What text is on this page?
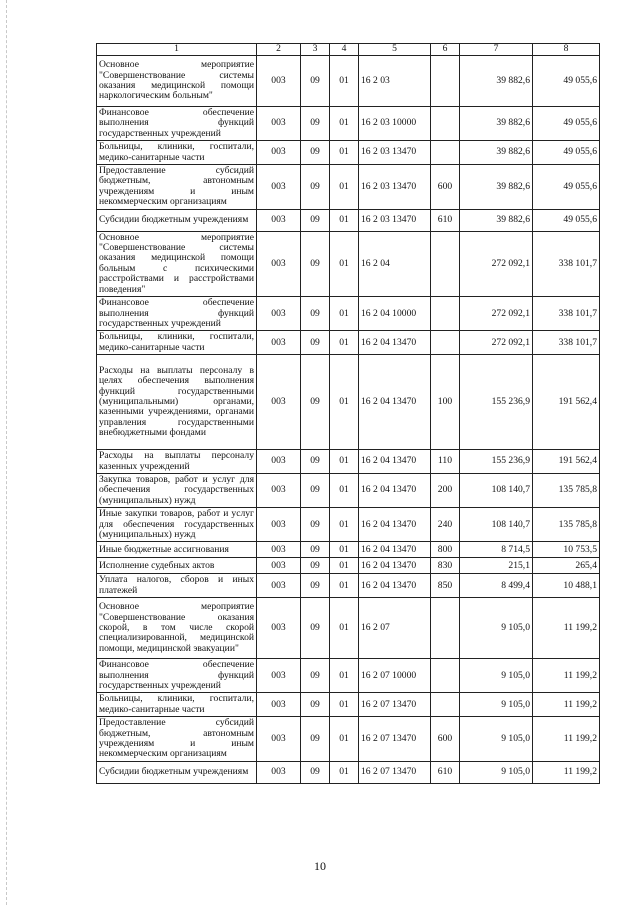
1	2	3	4	5	6	7	8
Основное мероприятие "Совершенствование системы оказания медицинской помощи наркологическим больным"	003	09	01	16 2 03		39 882,6	49 055,6
Финансовое обеспечение выполнения функций государственных учреждений	003	09	01	16 2 03 10000		39 882,6	49 055,6
Больницы, клиники, госпитали, медико-санитарные части	003	09	01	16 2 03 13470		39 882,6	49 055,6
Предоставление субсидий бюджетным, автономным учреждениям и иным некоммерческим организациям	003	09	01	16 2 03 13470	600	39 882,6	49 055,6
Субсидии бюджетным учреждениям	003	09	01	16 2 03 13470	610	39 882,6	49 055,6
Основное мероприятие "Совершенствование системы оказания медицинской помощи больным с психическими расстройствами и расстройствами поведения"	003	09	01	16 2 04		272 092,1	338 101,7
Финансовое обеспечение выполнения функций государственных учреждений	003	09	01	16 2 04 10000		272 092,1	338 101,7
Больницы, клиники, госпитали, медико-санитарные части	003	09	01	16 2 04 13470		272 092,1	338 101,7
Расходы на выплаты персоналу в целях обеспечения выполнения функций государственными (муниципальными) органами, казенными учреждениями, органами управления государственными внебюджетными фондами	003	09	01	16 2 04 13470	100	155 236,9	191 562,4
Расходы на выплаты персоналу казенных учреждений	003	09	01	16 2 04 13470	110	155 236,9	191 562,4
Закупка товаров, работ и услуг для обеспечения государственных (муниципальных) нужд	003	09	01	16 2 04 13470	200	108 140,7	135 785,8
Иные закупки товаров, работ и услуг для обеспечения государственных (муниципальных) нужд	003	09	01	16 2 04 13470	240	108 140,7	135 785,8
Иные бюджетные ассигнования	003	09	01	16 2 04 13470	800	8 714,5	10 753,5
Исполнение судебных актов	003	09	01	16 2 04 13470	830	215,1	265,4
Уплата налогов, сборов и иных платежей	003	09	01	16 2 04 13470	850	8 499,4	10 488,1
Основное мероприятие "Совершенствование оказания скорой, в том числе скорой специализированной, медицинской помощи, медицинской эвакуации"	003	09	01	16 2 07		9 105,0	11 199,2
Финансовое обеспечение выполнения функций государственных учреждений	003	09	01	16 2 07 10000		9 105,0	11 199,2
Больницы, клиники, госпитали, медико-санитарные части	003	09	01	16 2 07 13470		9 105,0	11 199,2
Предоставление субсидий бюджетным, автономным учреждениям и иным некоммерческим организациям	003	09	01	16 2 07 13470	600	9 105,0	11 199,2
Субсидии бюджетным учреждениям	003	09	01	16 2 07 13470	610	9 105,0	11 199,2
10
